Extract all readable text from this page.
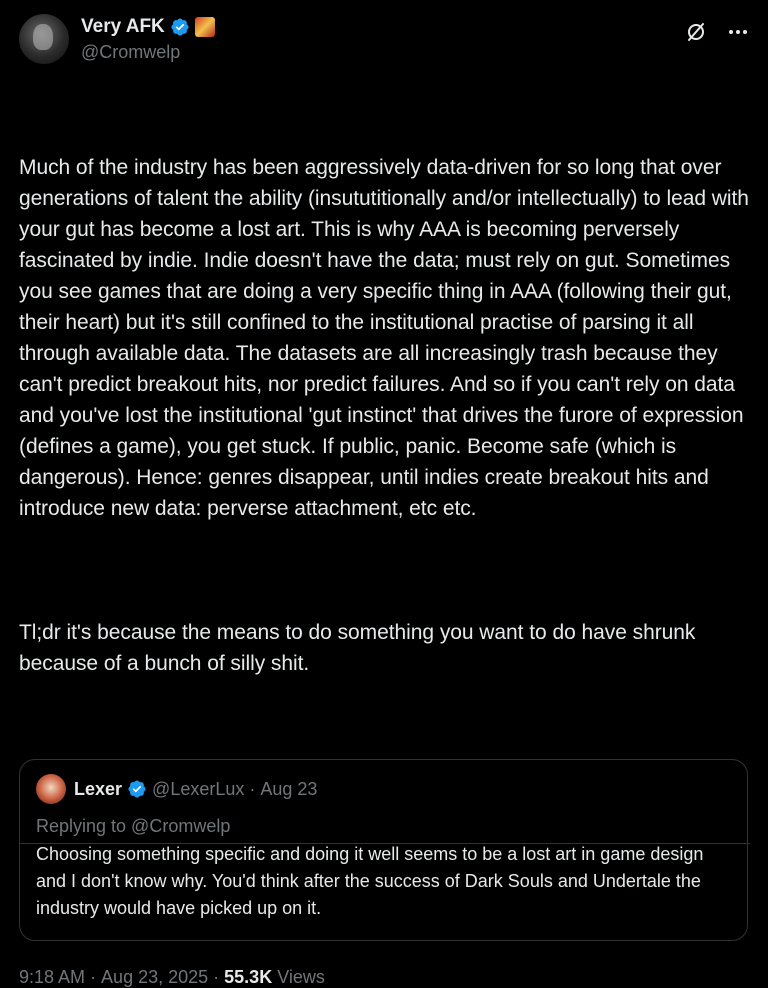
Very AFK
@Cromwelp

Much of the industry has been aggressively data-driven for so long that over generations of talent the ability (insututitionally and/or intellectually) to lead with your gut has become a lost art. This is why AAA is becoming perversely fascinated by indie. Indie doesn't have the data; must rely on gut. Sometimes you see games that are doing a very specific thing in AAA (following their gut, their heart) but it's still confined to the institutional practise of parsing it all through available data. The datasets are all increasingly trash because they can't predict breakout hits, nor predict failures. And so if you can't rely on data and you've lost the institutional 'gut instinct' that drives the furore of expression (defines a game), you get stuck. If public, panic. Become safe (which is dangerous). Hence: genres disappear, until indies create breakout hits and introduce new data: perverse attachment, etc etc.

Tl;dr it's because the means to do something you want to do have shrunk because of a bunch of silly shit.

Lexer @LexerLux · Aug 23
Replying to @Cromwelp
Choosing something specific and doing it well seems to be a lost art in game design and I don't know why. You'd think after the success of Dark Souls and Undertale the industry would have picked up on it.
9:18 AM · Aug 23, 2025 · 55.3K Views
